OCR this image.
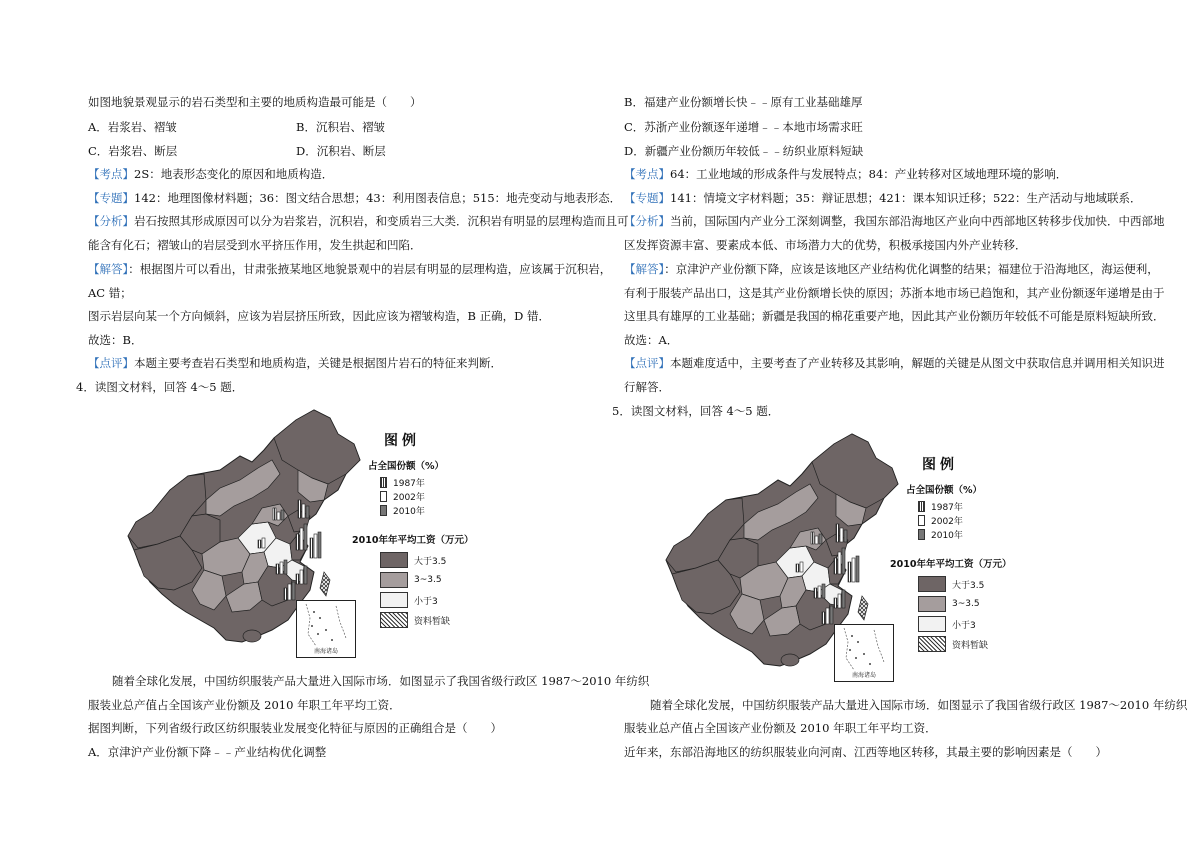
如图地貌景观显示的岩石类型和主要的地质构造最可能是（　　）
A．岩浆岩、褶皱	B．沉积岩、褶皱
C．岩浆岩、断层	D．沉积岩、断层
【考点】2S：地表形态变化的原因和地质构造．
【专题】142：地理图像材料题；36：图文结合思想；43：利用图表信息；515：地壳变动与地表形态．
【分析】岩石按照其形成原因可以分为岩浆岩，沉积岩，和变质岩三大类．沉积岩有明显的层理构造而且可
能含有化石；褶皱山的岩层受到水平挤压作用，发生拱起和凹陷．
【解答】：根据图片可以看出，甘肃张掖某地区地貌景观中的岩层有明显的层理构造，应该属于沉积岩，
AC 错；
图示岩层向某一个方向倾斜，应该为岩层挤压所致，因此应该为褶皱构造，B 正确，D 错．
故选：B．
【点评】本题主要考查岩石类型和地质构造，关键是根据图片岩石的特征来判断．
4．读图文材料，回答 4～5 题．
南海诸岛
图例
占全国份额（%）
1987年
2002年
2010年
2010年年平均工资（万元）
大于3.5
3~3.5
小于3
资料暂缺
随着全球化发展，中国纺织服装产品大量进入国际市场．如图显示了我国省级行政区 1987～2010 年纺织
服装业总产值占全国该产业份额及 2010 年职工年平均工资．
据图判断，下列省级行政区纺织服装业发展变化特征与原因的正确组合是（　　）
A．京津沪产业份额下降﹣﹣产业结构优化调整
B．福建产业份额增长快﹣﹣原有工业基础雄厚
C．苏浙产业份额逐年递增﹣﹣本地市场需求旺
D．新疆产业份额历年较低﹣﹣纺织业原料短缺
【考点】64：工业地域的形成条件与发展特点；84：产业转移对区域地理环境的影响．
【专题】141：情境文字材料题；35：辩证思想；421：课本知识迁移；522：生产活动与地域联系．
【分析】当前，国际国内产业分工深刻调整，我国东部沿海地区产业向中西部地区转移步伐加快．中西部地
区发挥资源丰富、要素成本低、市场潜力大的优势，积极承接国内外产业转移．
【解答】：京津沪产业份额下降，应该是该地区产业结构优化调整的结果；福建位于沿海地区，海运便利，
有利于服装产品出口，这是其产业份额增长快的原因；苏浙本地市场已趋饱和，其产业份额逐年递增是由于
这里具有雄厚的工业基础；新疆是我国的棉花重要产地，因此其产业份额历年较低不可能是原料短缺所致．
故选：A．
【点评】本题难度适中，主要考查了产业转移及其影响，解题的关键是从图文中获取信息并调用相关知识进
行解答．
5．读图文材料，回答 4～5 题．
南海诸岛
图例
占全国份额（%）
1987年
2002年
2010年
2010年年平均工资（万元）
大于3.5
3~3.5
小于3
资料暂缺
随着全球化发展，中国纺织服装产品大量进入国际市场．如图显示了我国省级行政区 1987～2010 年纺织
服装业总产值占全国该产业份额及 2010 年职工年平均工资．
近年来，东部沿海地区的纺织服装业向河南、江西等地区转移，其最主要的影响因素是（　　）
